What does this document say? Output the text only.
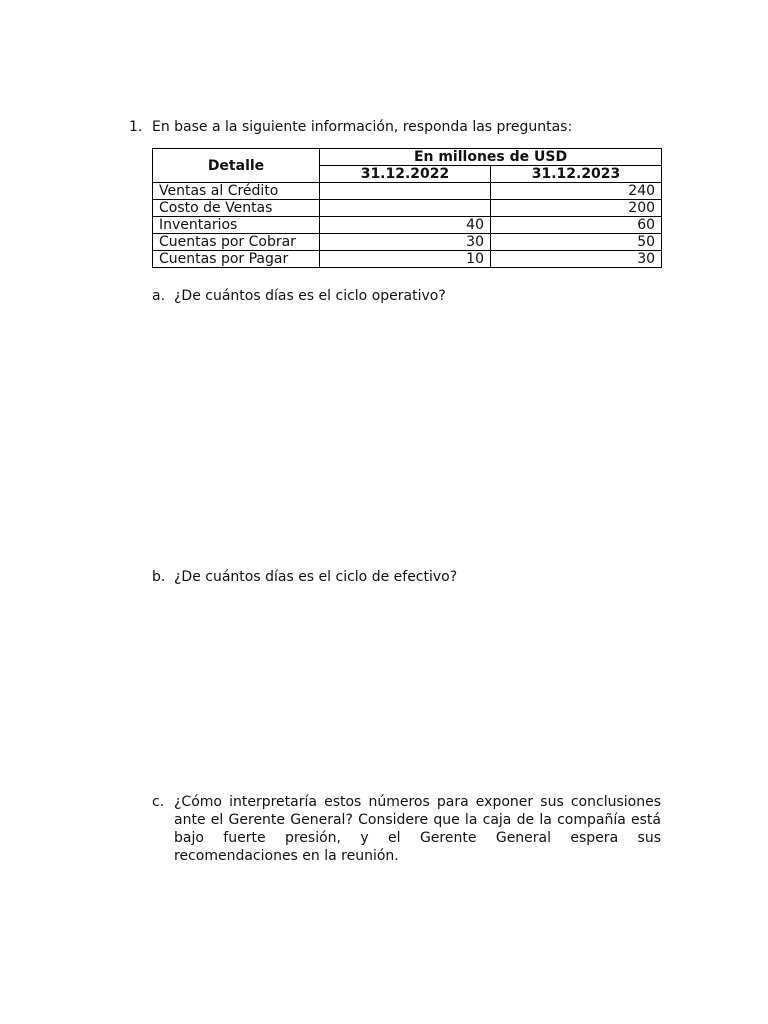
1. En base a la siguiente información, responda las preguntas:
Detalle	En millones de USD	
	31.12.2022	31.12.2023
Ventas al Crédito		240
Costo de Ventas		200
Inventarios	40	60
Cuentas por Cobrar	30	50
Cuentas por Pagar	10	30
a. ¿De cuántos días es el ciclo operativo?
b. ¿De cuántos días es el ciclo de efectivo?
c. ¿Cómo interpretaría estos números para exponer sus conclusiones ante el Gerente General? Considere que la caja de la compañía está bajo fuerte presión, y el Gerente General espera sus recomendaciones en la reunión.
